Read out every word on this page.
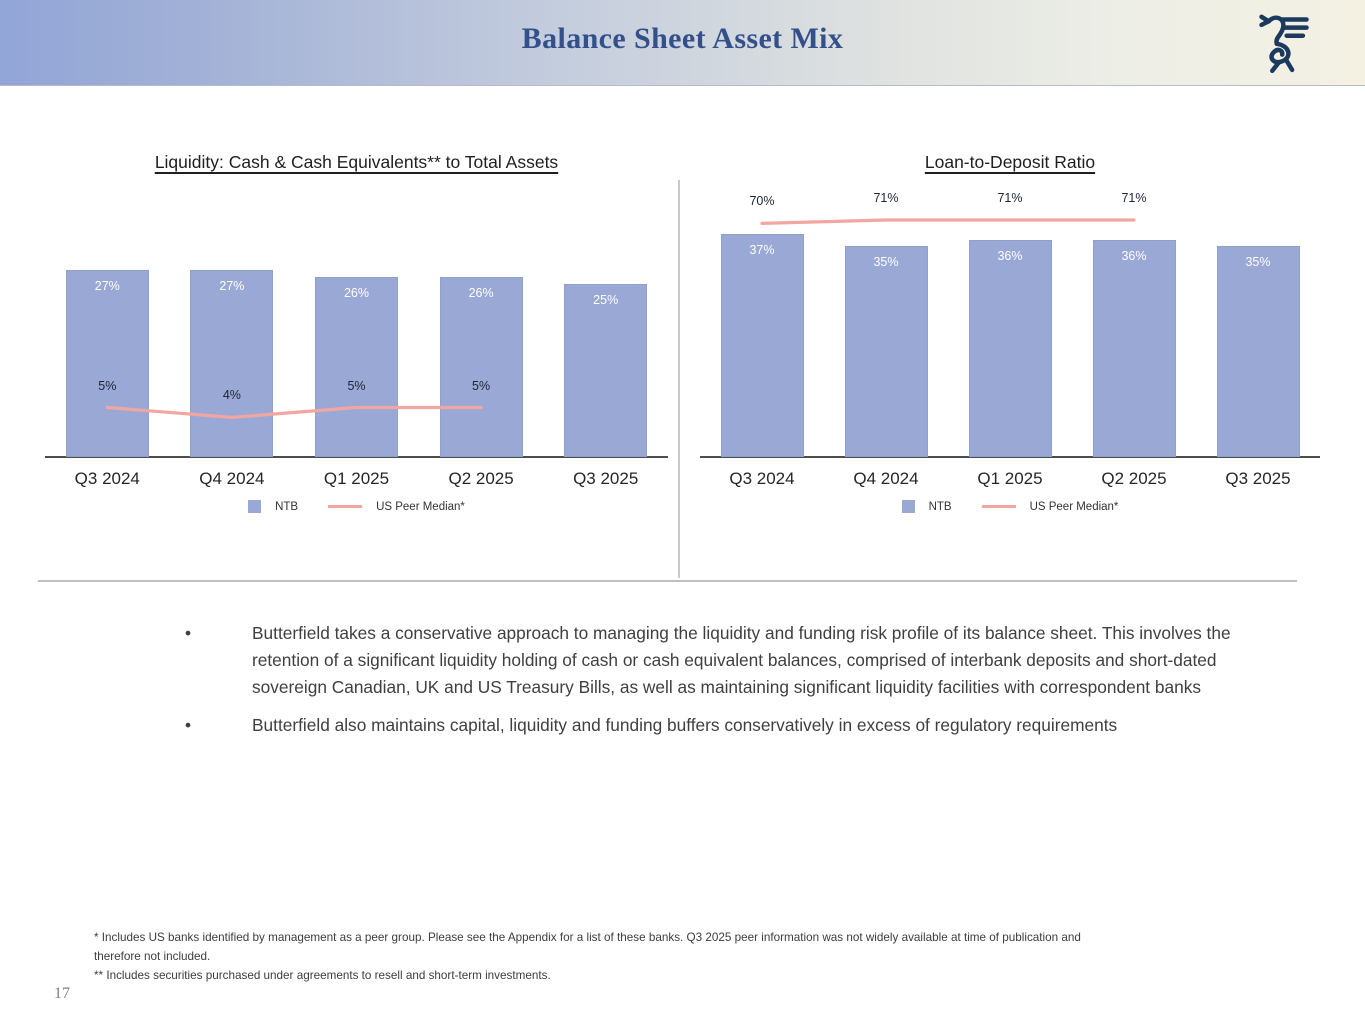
Balance Sheet Asset Mix
Liquidity: Cash & Cash Equivalents** to Total Assets
NTB	US Peer Median*
27%
Q3 2024
27%
Q4 2024
26%
Q1 2025
26%
Q2 2025
25%
Q3 2025
5%
4%
5%	5%
Loan-to-Deposit Ratio
NTB	US Peer Median*
37%
Q3 2024
35%
Q4 2024
36%
Q1 2025
36%
Q2 2025
35%
Q3 2025
70%	71%	71%	71%
•	Butterfield takes a conservative approach to managing the liquidity and funding risk profile of its balance sheet. This involves the retention of a significant liquidity holding of cash or cash equivalent balances, comprised of interbank deposits and short-dated sovereign Canadian, UK and US Treasury Bills, as well as maintaining significant liquidity facilities with correspondent banks
•	Butterfield also maintains capital, liquidity and funding buffers conservatively in excess of regulatory requirements
* Includes US banks identified by management as a peer group. Please see the Appendix for a list of these banks. Q3 2025 peer information was not widely available at time of publication and therefore not included.
** Includes securities purchased under agreements to resell and short-term investments.
17
